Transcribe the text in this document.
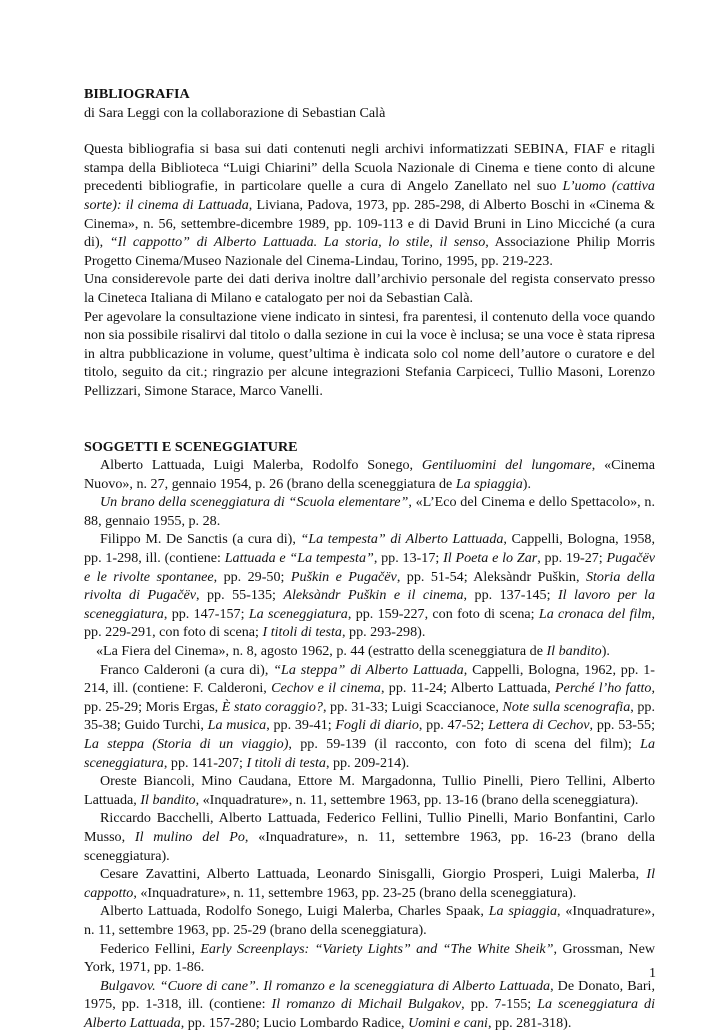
BIBLIOGRAFIA

di Sara Leggi con la collaborazione di Sebastian Calà

Questa bibliografia si basa sui dati contenuti negli archivi informatizzati SEBINA, FIAF e ritagli stampa della Biblioteca “Luigi Chiarini” della Scuola Nazionale di Cinema e tiene conto di alcune precedenti bibliografie, in particolare quelle a cura di Angelo Zanellato nel suo L’uomo (cattiva sorte): il cinema di Lattuada, Liviana, Padova, 1973, pp. 285-298, di Alberto Boschi in «Cinema & Cinema», n. 56, settembre-dicembre 1989, pp. 109-113 e di David Bruni in Lino Micciché (a cura di), “Il cappotto” di Alberto Lattuada. La storia, lo stile, il senso, Associazione Philip Morris Progetto Cinema/Museo Nazionale del Cinema-Lindau, Torino, 1995, pp. 219-223.

Una considerevole parte dei dati deriva inoltre dall’archivio personale del regista conservato presso la Cineteca Italiana di Milano e catalogato per noi da Sebastian Calà.

Per agevolare la consultazione viene indicato in sintesi, fra parentesi, il contenuto della voce quando non sia possibile risalirvi dal titolo o dalla sezione in cui la voce è inclusa; se una voce è stata ripresa in altra pubblicazione in volume, quest’ultima è indicata solo col nome dell’autore o curatore e del titolo, seguito da cit.; ringrazio per alcune integrazioni Stefania Carpiceci, Tullio Masoni, Lorenzo Pellizzari, Simone Starace, Marco Vanelli.

SOGGETTI E SCENEGGIATURE

Alberto Lattuada, Luigi Malerba, Rodolfo Sonego, Gentiluomini del lungomare, «Cinema Nuovo», n. 27, gennaio 1954, p. 26 (brano della sceneggiatura de La spiaggia).

Un brano della sceneggiatura di “Scuola elementare”, «L’Eco del Cinema e dello Spettacolo», n. 88, gennaio 1955, p. 28.

Filippo M. De Sanctis (a cura di), “La tempesta” di Alberto Lattuada, Cappelli, Bologna, 1958, pp. 1-298, ill. (contiene: Lattuada e “La tempesta”, pp. 13-17; Il Poeta e lo Zar, pp. 19-27; Pugačëv e le rivolte spontanee, pp. 29-50; Puškin e Pugačëv, pp. 51-54; Aleksàndr Puškin, Storia della rivolta di Pugačëv, pp. 55-135; Aleksàndr Puškin e il cinema, pp. 137-145; Il lavoro per la sceneggiatura, pp. 147-157; La sceneggiatura, pp. 159-227, con foto di scena; La cronaca del film, pp. 229-291, con foto di scena; I titoli di testa, pp. 293-298).

«La Fiera del Cinema», n. 8, agosto 1962, p. 44 (estratto della sceneggiatura de Il bandito).

Franco Calderoni (a cura di), “La steppa” di Alberto Lattuada, Cappelli, Bologna, 1962, pp. 1-214, ill. (contiene: F. Calderoni, Cechov e il cinema, pp. 11-24; Alberto Lattuada, Perché l’ho fatto, pp. 25-29; Moris Ergas, È stato coraggio?, pp. 31-33; Luigi Scaccianoce, Note sulla scenografia, pp. 35-38; Guido Turchi, La musica, pp. 39-41; Fogli di diario, pp. 47-52; Lettera di Cechov, pp. 53-55; La steppa (Storia di un viaggio), pp. 59-139 (il racconto, con foto di scena del film); La sceneggiatura, pp. 141-207; I titoli di testa, pp. 209-214).

Oreste Biancoli, Mino Caudana, Ettore M. Margadonna, Tullio Pinelli, Piero Tellini, Alberto Lattuada, Il bandito, «Inquadrature», n. 11, settembre 1963, pp. 13-16 (brano della sceneggiatura).

Riccardo Bacchelli, Alberto Lattuada, Federico Fellini, Tullio Pinelli, Mario Bonfantini, Carlo Musso, Il mulino del Po, «Inquadrature», n. 11, settembre 1963, pp. 16-23 (brano della sceneggiatura).

Cesare Zavattini, Alberto Lattuada, Leonardo Sinisgalli, Giorgio Prosperi, Luigi Malerba, Il cappotto, «Inquadrature», n. 11, settembre 1963, pp. 23-25 (brano della sceneggiatura).

Alberto Lattuada, Rodolfo Sonego, Luigi Malerba, Charles Spaak, La spiaggia, «Inquadrature», n. 11, settembre 1963, pp. 25-29 (brano della sceneggiatura).

Federico Fellini, Early Screenplays: “Variety Lights” and “The White Sheik”, Grossman, New York, 1971, pp. 1-86.

Bulgavov. “Cuore di cane”. Il romanzo e la sceneggiatura di Alberto Lattuada, De Donato, Bari, 1975, pp. 1-318, ill. (contiene: Il romanzo di Michail Bulgakov, pp. 7-155; La sceneggiatura di Alberto Lattuada, pp. 157-280; Lucio Lombardo Radice, Uomini e cani, pp. 281-318).

1
